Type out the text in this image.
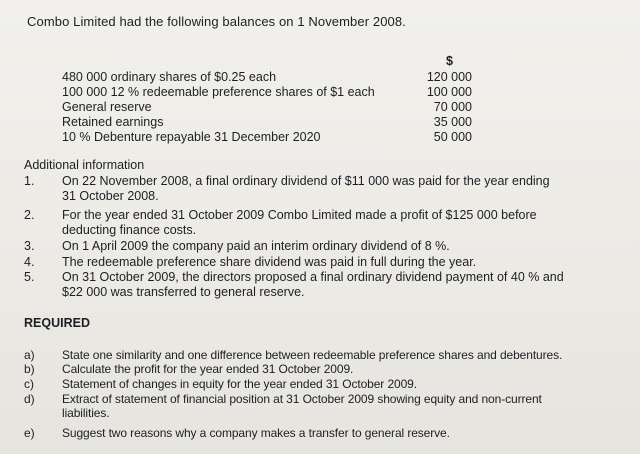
Combo Limited had the following balances on 1 November 2008.
$
480 000 ordinary shares of $0.25 each	120 000
100 000 12 % redeemable preference shares of $1 each	100 000
General reserve	70 000
Retained earnings	35 000
10 % Debenture repayable 31 December 2020	50 000
Additional information
1.	On 22 November 2008, a final ordinary dividend of $11 000 was paid for the year ending
31 October 2008.
2.	For the year ended 31 October 2009 Combo Limited made a profit of $125 000 before
deducting finance costs.
3.	On 1 April 2009 the company paid an interim ordinary dividend of 8 %.
4.	The redeemable preference share dividend was paid in full during the year.
5.	On 31 October 2009, the directors proposed a final ordinary dividend payment of 40 % and
$22 000 was transferred to general reserve.
REQUIRED
a)	State one similarity and one difference between redeemable preference shares and debentures.
b)	Calculate the profit for the year ended 31 October 2009.
c)	Statement of changes in equity for the year ended 31 October 2009.
d)	Extract of statement of financial position at 31 October 2009 showing equity and non-current
liabilities.
e)	Suggest two reasons why a company makes a transfer to general reserve.
